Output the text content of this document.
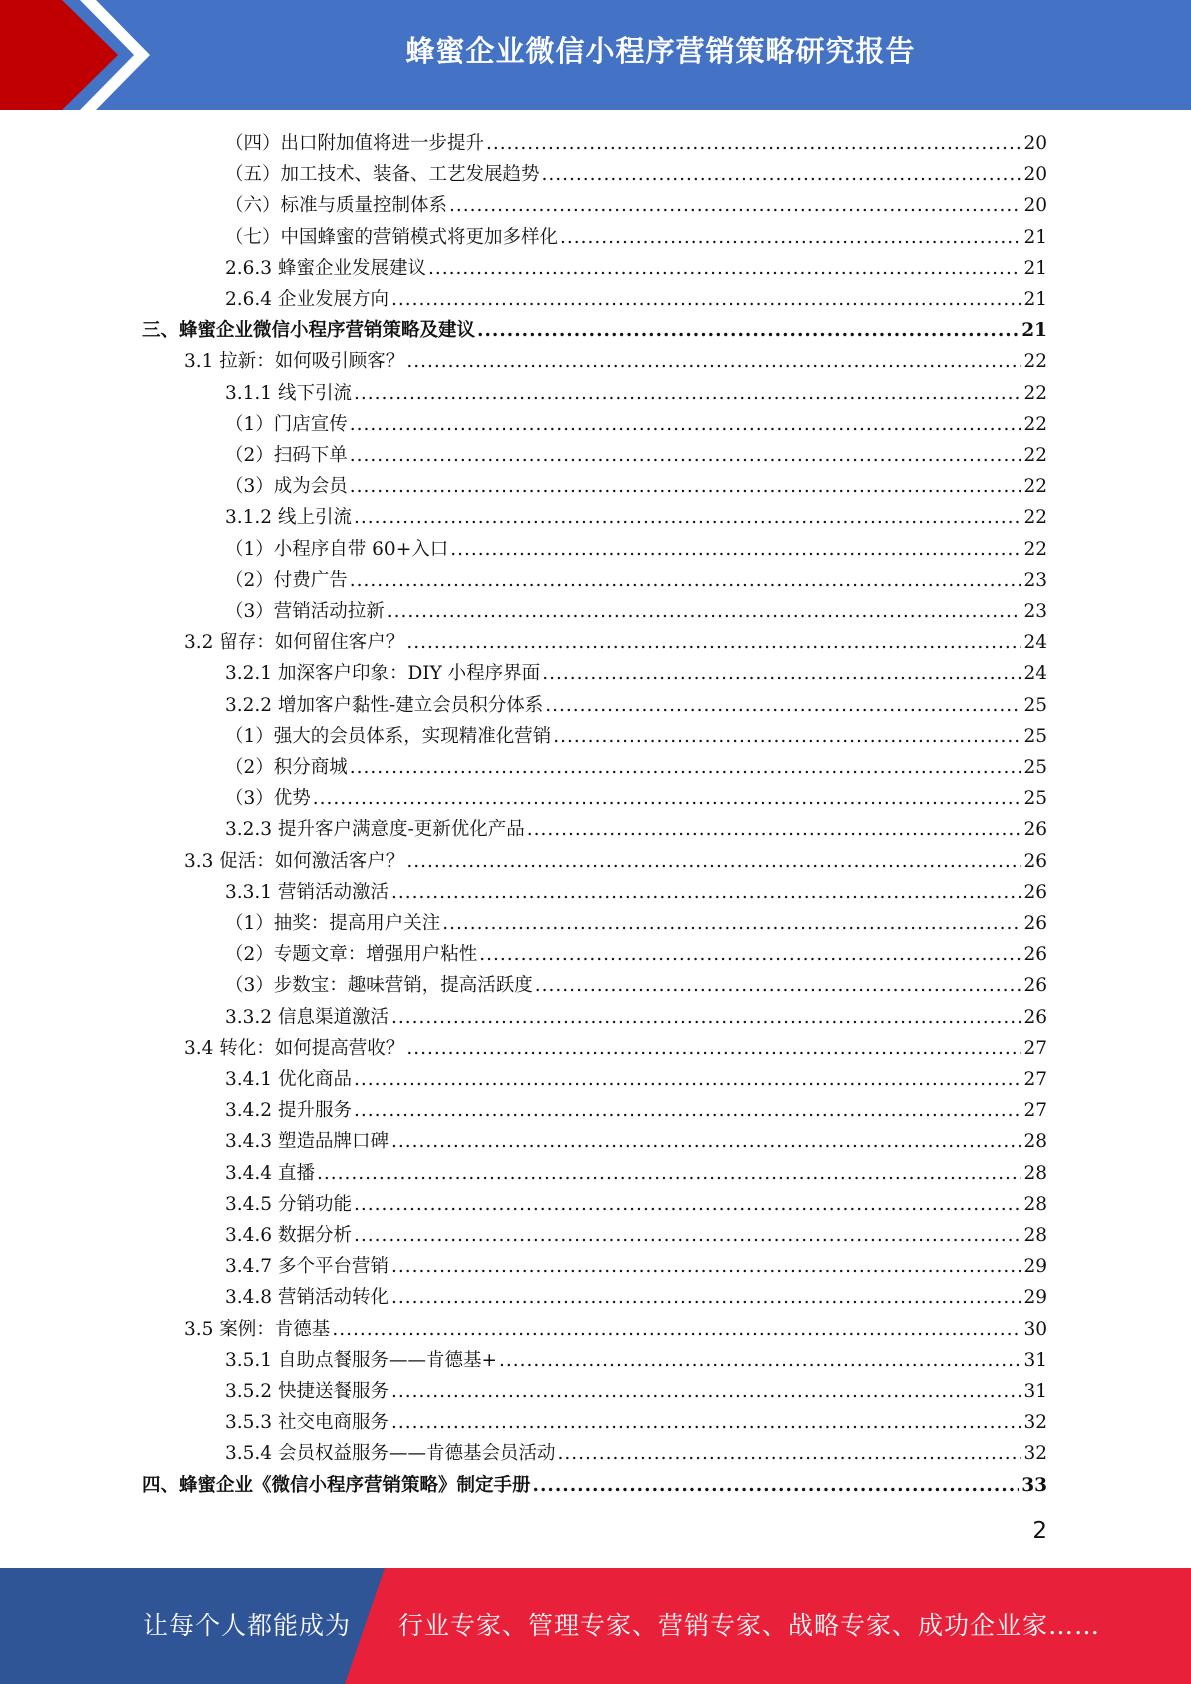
蜂蜜企业微信小程序营销策略研究报告
（四）出口附加值将进一步提升 .....	20
（五）加工技术、装备、工艺发展趋势 .....	20
（六）标准与质量控制体系 .....	20
（七）中国蜂蜜的营销模式将更加多样化 .....	21
2.6.3 蜂蜜企业发展建议 .....	21
2.6.4 企业发展方向 .....	21
三、蜂蜜企业微信小程序营销策略及建议 .....	21
3.1 拉新：如何吸引顾客？ .....	22
3.1.1 线下引流 .....	22
（1）门店宣传 .....	22
（2）扫码下单 .....	22
（3）成为会员 .....	22
3.1.2 线上引流 .....	22
（1）小程序自带 60+入口 .....	22
（2）付费广告 .....	23
（3）营销活动拉新 .....	23
3.2 留存：如何留住客户？ .....	24
3.2.1 加深客户印象：DIY 小程序界面 .....	24
3.2.2 增加客户黏性-建立会员积分体系 .....	25
（1）强大的会员体系，实现精准化营销 .....	25
（2）积分商城 .....	25
（3）优势 .....	25
3.2.3 提升客户满意度-更新优化产品 .....	26
3.3 促活：如何激活客户？ .....	26
3.3.1 营销活动激活 .....	26
（1）抽奖：提高用户关注 .....	26
（2）专题文章：增强用户粘性 .....	26
（3）步数宝：趣味营销，提高活跃度 .....	26
3.3.2 信息渠道激活 .....	26
3.4 转化：如何提高营收？ .....	27
3.4.1 优化商品 .....	27
3.4.2 提升服务 .....	27
3.4.3 塑造品牌口碑 .....	28
3.4.4 直播 .....	28
3.4.5 分销功能 .....	28
3.4.6 数据分析 .....	28
3.4.7 多个平台营销 .....	29
3.4.8 营销活动转化 .....	29
3.5 案例：肯德基 .....	30
3.5.1 自助点餐服务——肯德基+ .....	31
3.5.2 快捷送餐服务 .....	31
3.5.3 社交电商服务 .....	32
3.5.4 会员权益服务——肯德基会员活动 .....	32
四、蜂蜜企业《微信小程序营销策略》制定手册 .....	33
2
让每个人都能成为 行业专家、管理专家、营销专家、战略专家、成功企业家……
